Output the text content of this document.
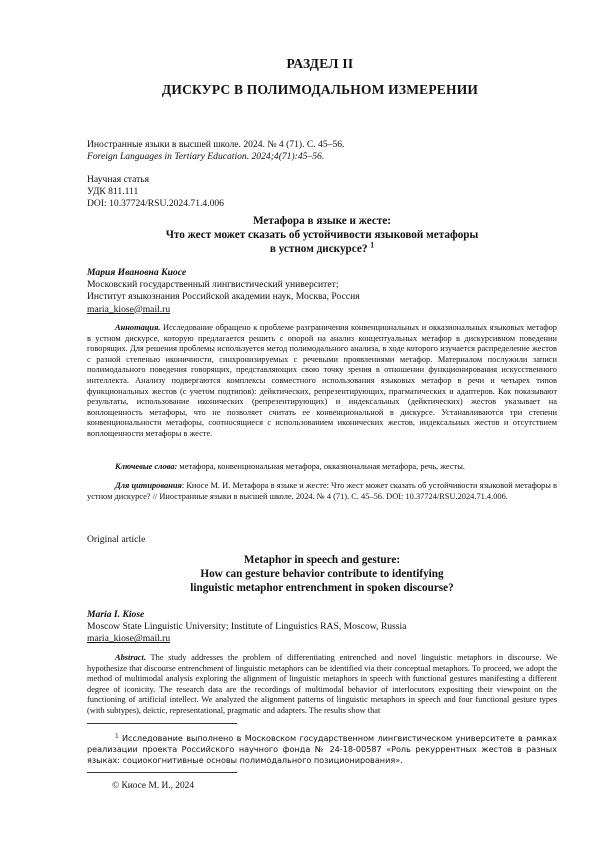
РАЗДЕЛ II
ДИСКУРС В ПОЛИМОДАЛЬНОМ ИЗМЕРЕНИИ
Иностранные языки в высшей школе. 2024. № 4 (71). С. 45–56.
Foreign Languages in Tertiary Education. 2024;4(71):45–56.
Научная статья
УДК 811.111
DOI: 10.37724/RSU.2024.71.4.006
Метафора в языке и жесте:
Что жест может сказать об устойчивости языковой метафоры
в устном дискурсе? $^1$
Мария Ивановна Киосе
Московский государственный лингвистический университет;
Институт языкознания Российской академии наук, Москва, Россия
maria_kiose@mail.ru
Аннотация. Исследование обращено к проблеме разграничения конвенциональных и окказиональных языковых метафор в устном дискурсе, которую предлагается решить с опорой на анализ концептуальных метафор в дискурсивном поведении говорящих. Для решения проблемы используется метод полимодального анализа, в ходе которого изучается распределение жестов с разной степенью иконичности, синхронизируемых с речевыми проявлениями метафор. Материалом послужили записи полимодального поведения говорящих, представляющих свою точку зрения в отношении функционирования искусственного интеллекта. Анализу подвергаются комплексы совместного использования языковых метафор в речи и четырех типов функциональных жестов (с учетом подтипов): дейктических, репрезентирующих, прагматических и адаптеров. Как показывают результаты, использование иконических (репрезентирующих) и индексальных (дейктических) жестов указывает на воплощенность метафоры, что не позволяет считать ее конвенциональной в дискурсе. Устанавливаются три степени конвенциональности метафоры, соотносящиеся с использованием иконических жестов, индексальных жестов и отсутствием воплощенности метафоры в жесте.
Ключевые слова: метафора, конвенциональная метафора, окказиональная метафора, речь, жесты.
Для цитирования: Киосе М. И. Метафора в языке и жесте: Что жест может сказать об устойчивости языковой метафоры в устном дискурсе? // Иностранные языки в высшей школе. 2024. № 4 (71). С. 45–56. DOI: 10.37724/RSU.2024.71.4.006.
Original article
Metaphor in speech and gesture:
How can gesture behavior contribute to identifying
linguistic metaphor entrenchment in spoken discourse?
Maria I. Kiose
Moscow State Linguistic University; Institute of Linguistics RAS, Moscow, Russia
maria_kiose@mail.ru
Abstract. The study addresses the problem of differentiating entrenched and novel linguistic metaphors in discourse. We hypothesize that discourse entrenchment of linguistic metaphors can be identified via their conceptual metaphors. To proceed, we adopt the method of multimodal analysis exploring the alignment of linguistic metaphors in speech with functional gestures manifesting a different degree of iconicity. The research data are the recordings of multimodal behavior of interlocutors expositing their viewpoint on the functioning of artificial intellect. We analyzed the alignment patterns of linguistic metaphors in speech and four functional gesture types (with subtypes), deictic, representational, pragmatic and adapters. The results show that
$^1$ Исследование выполнено в Московском государственном лингвистическом университете в рамках реализации проекта Российского научного фонда № 24-18-00587 «Роль рекуррентных жестов в разных языках: социокогнитивные основы полимодального позиционирования».
© Киосе М. И., 2024
